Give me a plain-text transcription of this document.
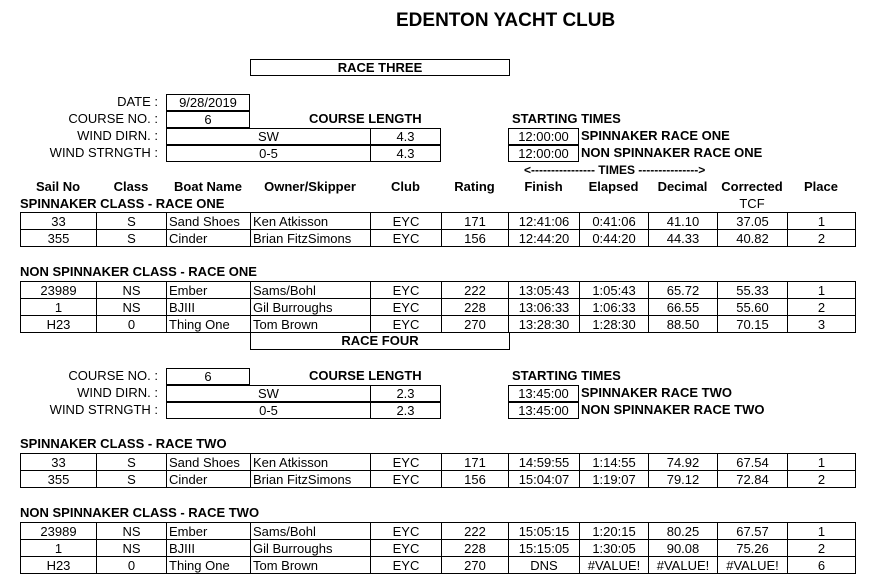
EDENTON YACHT CLUB
RACE THREE
DATE :	9/28/2019
COURSE NO. :	6	COURSE LENGTH
WIND DIRN. :	SW	4.3
WIND STRNGTH :	0-5	4.3
STARTING TIMES
12:00:00 SPINNAKER RACE ONE
12:00:00 NON SPINNAKER RACE ONE
<---------------- TIMES --------------->
Sail No	Class	Boat Name	Owner/Skipper	Club	Rating	Finish	Elapsed	Decimal	Corrected	Place
SPINNAKER CLASS - RACE ONE	TCF
33	S	Sand Shoes	Ken Atkisson	EYC	171	12:41:06	0:41:06	41.10	37.05	1
355	S	Cinder	Brian FitzSimons	EYC	156	12:44:20	0:44:20	44.33	40.82	2
NON SPINNAKER CLASS - RACE ONE
23989	NS	Ember	Sams/Bohl	EYC	222	13:05:43	1:05:43	65.72	55.33	1
1	NS	BJIII	Gil Burroughs	EYC	228	13:06:33	1:06:33	66.55	55.60	2
H23	0	Thing One	Tom Brown	EYC	270	13:28:30	1:28:30	88.50	70.15	3
RACE FOUR
COURSE NO. :	6	COURSE LENGTH
WIND DIRN. :	SW	2.3
WIND STRNGTH :	0-5	2.3
STARTING TIMES
13:45:00 SPINNAKER RACE TWO
13:45:00 NON SPINNAKER RACE TWO
SPINNAKER CLASS - RACE TWO
33	S	Sand Shoes	Ken Atkisson	EYC	171	14:59:55	1:14:55	74.92	67.54	1
355	S	Cinder	Brian FitzSimons	EYC	156	15:04:07	1:19:07	79.12	72.84	2
NON SPINNAKER CLASS - RACE TWO
23989	NS	Ember	Sams/Bohl	EYC	222	15:05:15	1:20:15	80.25	67.57	1
1	NS	BJIII	Gil Burroughs	EYC	228	15:15:05	1:30:05	90.08	75.26	2
H23	0	Thing One	Tom Brown	EYC	270	DNS	#VALUE!	#VALUE!	#VALUE!	6
